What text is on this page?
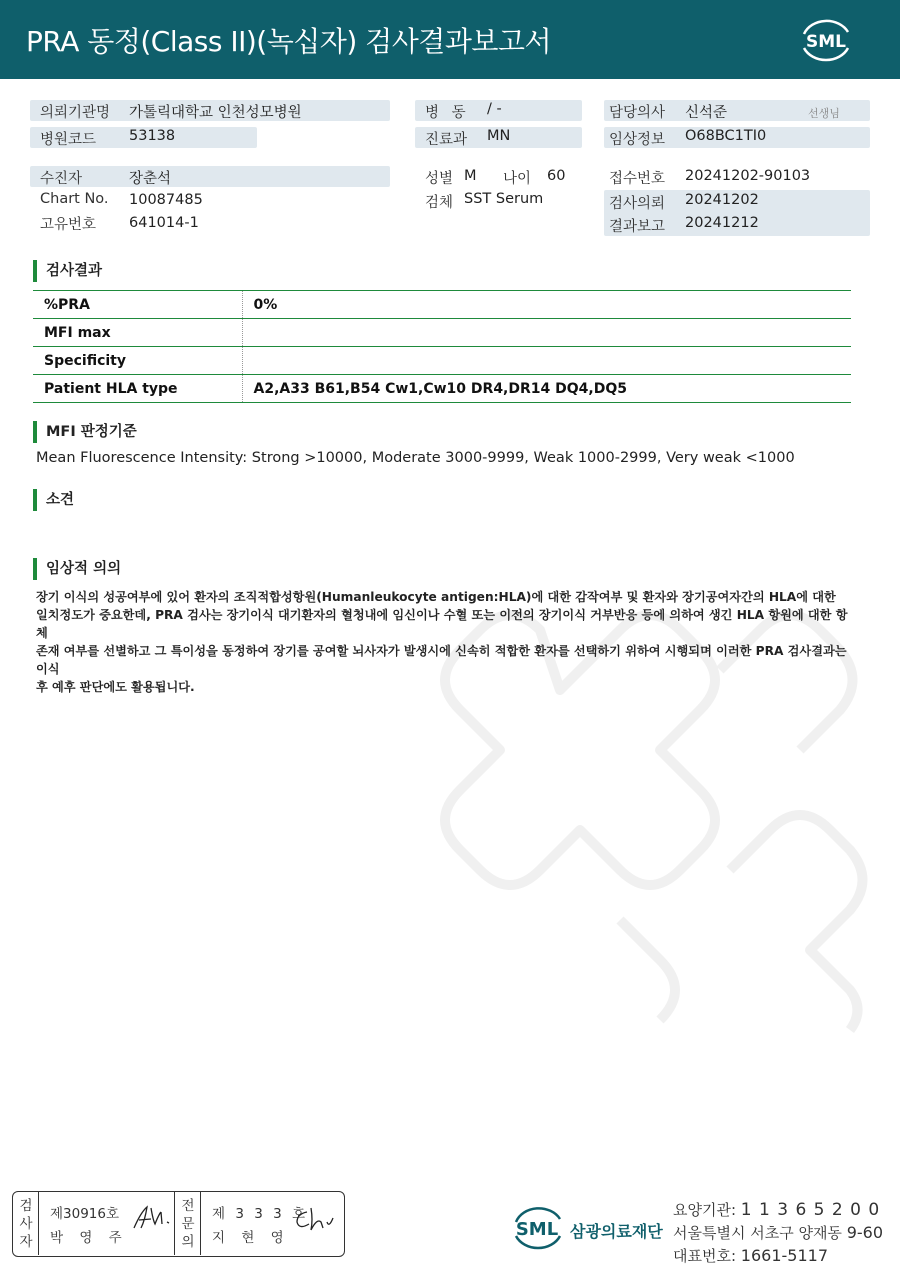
PRA 동정(Class II)(녹십자) 검사결과보고서	SML
의뢰기관명 가톨릭대학교 인천성모병원
병원코드 53138
병 동 / -
진료과 MN
담당의사 신석준	선생님
임상정보 O68BC1TI0
수진자	장춘석
Chart No. 10087485
고유번호 641014-1
성별 M 나이 60
검체 SST Serum
접수번호 20241202-90103
검사의뢰 20241202
결과보고 20241212
검사결과
%PRA	0%
MFI max	
Specificity	
Patient HLA type	A2,A33 B61,B54 Cw1,Cw10 DR4,DR14 DQ4,DQ5
MFI 판정기준
Mean Fluorescence Intensity: Strong >10000, Moderate 3000-9999, Weak 1000-2999, Very weak <1000
소견
임상적 의의
장기 이식의 성공여부에 있어 환자의 조직적합성항원(Humanleukocyte antigen:HLA)에 대한 감작여부 및 환자와 장기공여자간의 HLA에 대한
일치정도가 중요한데, PRA 검사는 장기이식 대기환자의 혈청내에 임신이나 수혈 또는 이전의 장기이식 거부반응 등에 의하여 생긴 HLA 항원에 대한 항체
존재 여부를 선별하고 그 특이성을 동정하여 장기를 공여할 뇌사자가 발생시에 신속히 적합한 환자를 선택하기 위하여 시행되며 이러한 PRA 검사결과는 이식
후 예후 판단에도 활용됩니다.
검
사
자
제30916호
박 영 주
전
문
의
제 3 3 3 호
지 현 영	SML 삼광의료재단
요양기관: 1 1 3 6 5 2 0 0
서울특별시 서초구 양재동 9-60
대표번호: 1661-5117
